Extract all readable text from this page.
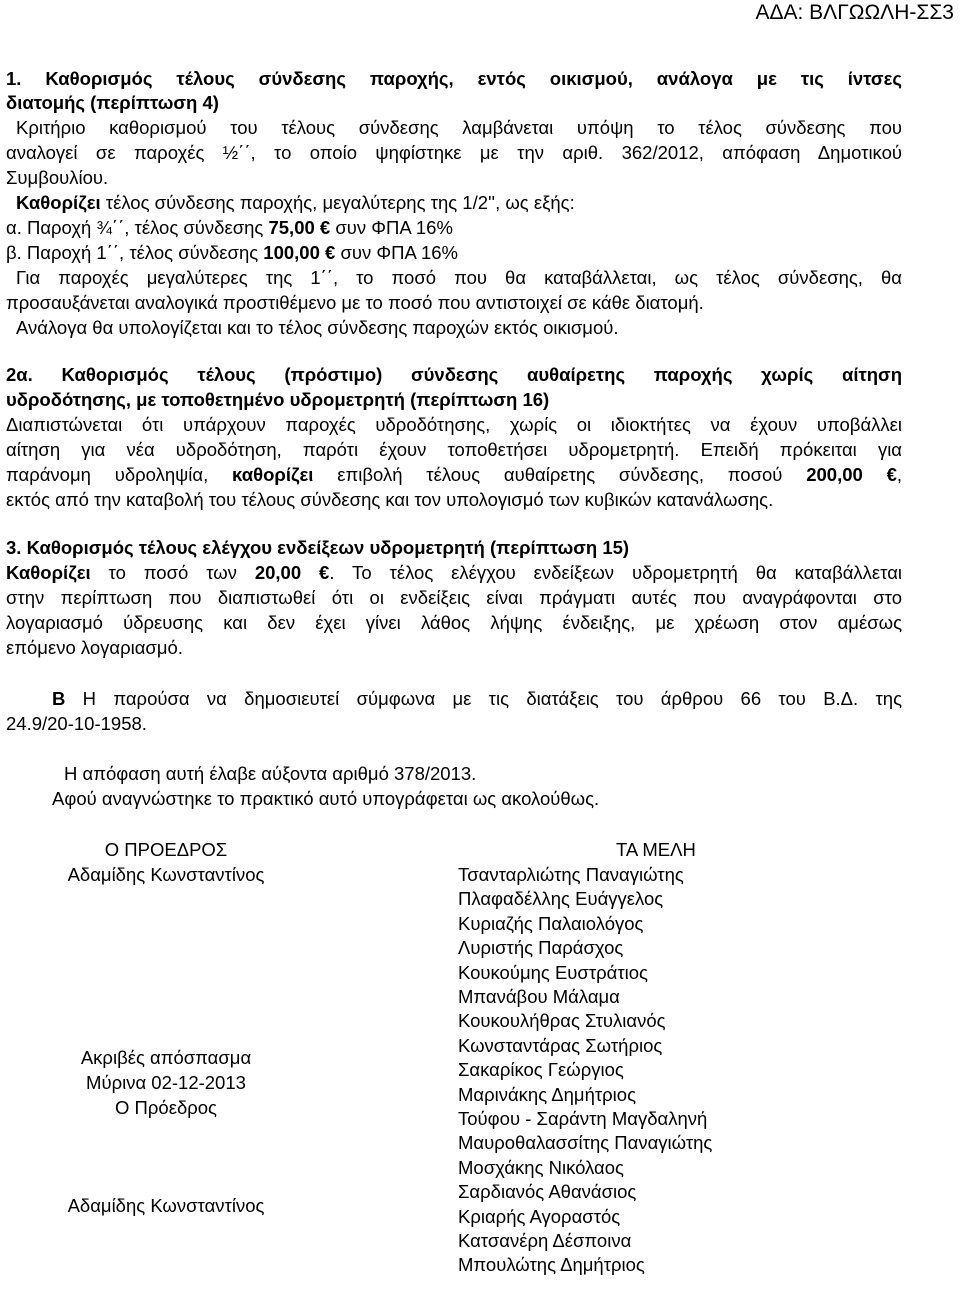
ΑΔΑ: ΒΛΓΩΩΛΗ-ΣΣ3
1. Καθορισμός τέλους σύνδεσης παροχής, εντός οικισμού, ανάλογα με τις ίντσες
διατομής (περίπτωση 4)
Κριτήριο καθορισμού του τέλους σύνδεσης λαμβάνεται υπόψη το τέλος σύνδεσης που
αναλογεί σε παροχές ½΄΄, το οποίο ψηφίστηκε με την αριθ. 362/2012, απόφαση Δημοτικού
Συμβουλίου.
Καθορίζει τέλος σύνδεσης παροχής, μεγαλύτερης της 1/2'', ως εξής:
α. Παροχή ¾΄΄, τέλος σύνδεσης 75,00 € συν ΦΠΑ 16%
β. Παροχή 1΄΄, τέλος σύνδεσης 100,00 € συν ΦΠΑ 16%
Για παροχές μεγαλύτερες της 1΄΄, το ποσό που θα καταβάλλεται, ως τέλος σύνδεσης, θα
προσαυξάνεται αναλογικά προστιθέμενο με το ποσό που αντιστοιχεί σε κάθε διατομή.
Ανάλογα θα υπολογίζεται και το τέλος σύνδεσης παροχών εκτός οικισμού.
2α. Καθορισμός τέλους (πρόστιμο) σύνδεσης αυθαίρετης παροχής χωρίς αίτηση
υδροδότησης, με τοποθετημένο υδρομετρητή (περίπτωση 16)
Διαπιστώνεται ότι υπάρχουν παροχές υδροδότησης, χωρίς οι ιδιοκτήτες να έχουν υποβάλλει
αίτηση για νέα υδροδότηση, παρότι έχουν τοποθετήσει υδρομετρητή. Επειδή πρόκειται για
παράνομη υδροληψία, καθορίζει επιβολή τέλους αυθαίρετης σύνδεσης, ποσού 200,00 €,
εκτός από την καταβολή του τέλους σύνδεσης και τον υπολογισμό των κυβικών κατανάλωσης.
3. Καθορισμός τέλους ελέγχου ενδείξεων υδρομετρητή (περίπτωση 15)
Καθορίζει το ποσό των 20,00 €. Το τέλος ελέγχου ενδείξεων υδρομετρητή θα καταβάλλεται
στην περίπτωση που διαπιστωθεί ότι οι ενδείξεις είναι πράγματι αυτές που αναγράφονται στο
λογαριασμό ύδρευσης και δεν έχει γίνει λάθος λήψης ένδειξης, με χρέωση στον αμέσως
επόμενο λογαριασμό.
Β Η παρούσα να δημοσιευτεί σύμφωνα με τις διατάξεις του άρθρου 66 του Β.Δ. της
24.9/20-10-1958.
Η απόφαση αυτή έλαβε αύξοντα αριθμό 378/2013.
Αφού αναγνώστηκε το πρακτικό αυτό υπογράφεται ως ακολούθως.
Ο ΠΡΟΕΔΡΟΣ
Αδαμίδης Κωνσταντίνος
Ακριβές απόσπασμα
Μύρινα 02-12-2013
Ο Πρόεδρος
Αδαμίδης Κωνσταντίνος
ΤΑ ΜΕΛΗ
Τσανταρλιώτης Παναγιώτης
Πλαφαδέλλης Ευάγγελος
Κυριαζής Παλαιολόγος
Λυριστής Παράσχος
Κουκούμης Ευστράτιος
Μπανάβου Μάλαμα
Κουκουλήθρας Στυλιανός
Κωνσταντάρας Σωτήριος
Σακαρίκος Γεώργιος
Μαρινάκης Δημήτριος
Τούφου - Σαράντη Μαγδαληνή
Μαυροθαλασσίτης Παναγιώτης
Μοσχάκης Νικόλαος
Σαρδιανός Αθανάσιος
Κριαρής Αγοραστός
Κατσανέρη Δέσποινα
Μπουλώτης Δημήτριος
